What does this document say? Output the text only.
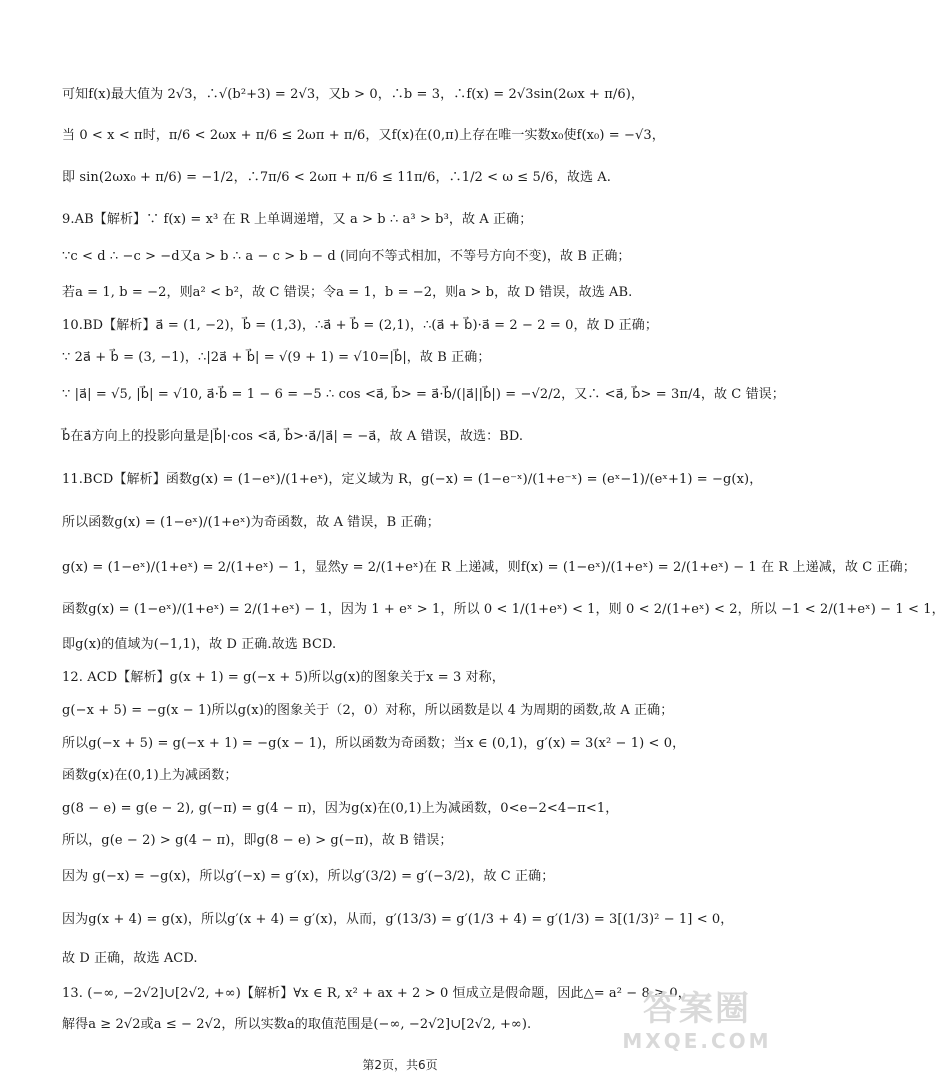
可知f(x)最大值为 2√3，∴√(b²+3) = 2√3，又b > 0，∴b = 3，∴f(x) = 2√3sin(2ωx + π/6)，
当 0 < x < π时，π/6 < 2ωx + π/6 ≤ 2ωπ + π/6，又f(x)在(0,π)上存在唯一实数x₀使f(x₀) = −√3，
即 sin(2ωx₀ + π/6) = −1/2，∴7π/6 < 2ωπ + π/6 ≤ 11π/6，∴1/2 < ω ≤ 5/6，故选 A.
9.AB【解析】∵ f(x) = x³ 在 R 上单调递增，又 a > b ∴ a³ > b³，故 A 正确；
∵c < d ∴ −c > −d又a > b ∴ a − c > b − d (同向不等式相加，不等号方向不变)，故 B 正确；
若a = 1, b = −2，则a² < b²，故 C 错误；令a = 1，b = −2，则a > b，故 D 错误，故选 AB.
10.BD【解析】a⃗ = (1, −2)，b⃗ = (1,3)，∴a⃗ + b⃗ = (2,1)，∴(a⃗ + b⃗)·a⃗ = 2 − 2 = 0，故 D 正确；
∵ 2a⃗ + b⃗ = (3, −1)，∴|2a⃗ + b⃗| = √(9 + 1) = √10=|b⃗|，故 B 正确；
∵ |a⃗| = √5, |b⃗| = √10, a⃗·b⃗ = 1 − 6 = −5 ∴ cos <a⃗, b⃗> = a⃗·b⃗/(|a⃗||b⃗|) = −√2/2，又∴ <a⃗, b⃗> = 3π/4，故 C 错误；
b⃗在a⃗方向上的投影向量是|b⃗|·cos <a⃗, b⃗>·a⃗/|a⃗| = −a⃗，故 A 错误，故选：BD.
11.BCD【解析】函数g(x) = (1−eˣ)/(1+eˣ)，定义域为 R，g(−x) = (1−e⁻ˣ)/(1+e⁻ˣ) = (eˣ−1)/(eˣ+1) = −g(x)，
所以函数g(x) = (1−eˣ)/(1+eˣ)为奇函数，故 A 错误，B 正确；
g(x) = (1−eˣ)/(1+eˣ) = 2/(1+eˣ) − 1，显然y = 2/(1+eˣ)在 R 上递减，则f(x) = (1−eˣ)/(1+eˣ) = 2/(1+eˣ) − 1 在 R 上递减，故 C 正确；
函数g(x) = (1−eˣ)/(1+eˣ) = 2/(1+eˣ) − 1，因为 1 + eˣ > 1，所以 0 < 1/(1+eˣ) < 1，则 0 < 2/(1+eˣ) < 2，所以 −1 < 2/(1+eˣ) − 1 < 1，
即g(x)的值域为(−1,1)，故 D 正确.故选 BCD.
12. ACD【解析】g(x + 1) = g(−x + 5)所以g(x)的图象关于x = 3 对称，
g(−x + 5) = −g(x − 1)所以g(x)的图象关于（2，0）对称，所以函数是以 4 为周期的函数,故 A 正确；
所以g(−x + 5) = g(−x + 1) = −g(x − 1)，所以函数为奇函数；当x ∈ (0,1)，g′(x) = 3(x² − 1) < 0，
函数g(x)在(0,1)上为减函数；
g(8 − e) = g(e − 2), g(−π) = g(4 − π)，因为g(x)在(0,1)上为减函数，0<e−2<4−π<1，
所以，g(e − 2) > g(4 − π)，即g(8 − e) > g(−π)，故 B 错误；
因为 g(−x) = −g(x)，所以g′(−x) = g′(x)，所以g′(3/2) = g′(−3/2)，故 C 正确；
因为g(x + 4) = g(x)，所以g′(x + 4) = g′(x)，从而，g′(13/3) = g′(1/3 + 4) = g′(1/3) = 3[(1/3)² − 1] < 0，
故 D 正确，故选 ACD.
13. (−∞, −2√2]∪[2√2, +∞)【解析】∀x ∈ R, x² + ax + 2 > 0 恒成立是假命题，因此△= a² − 8 ≥ 0，
解得a ≥ 2√2或a ≤ − 2√2，所以实数a的取值范围是(−∞, −2√2]∪[2√2, +∞).	答案圈
MXQE.COM
第2页，共6页
